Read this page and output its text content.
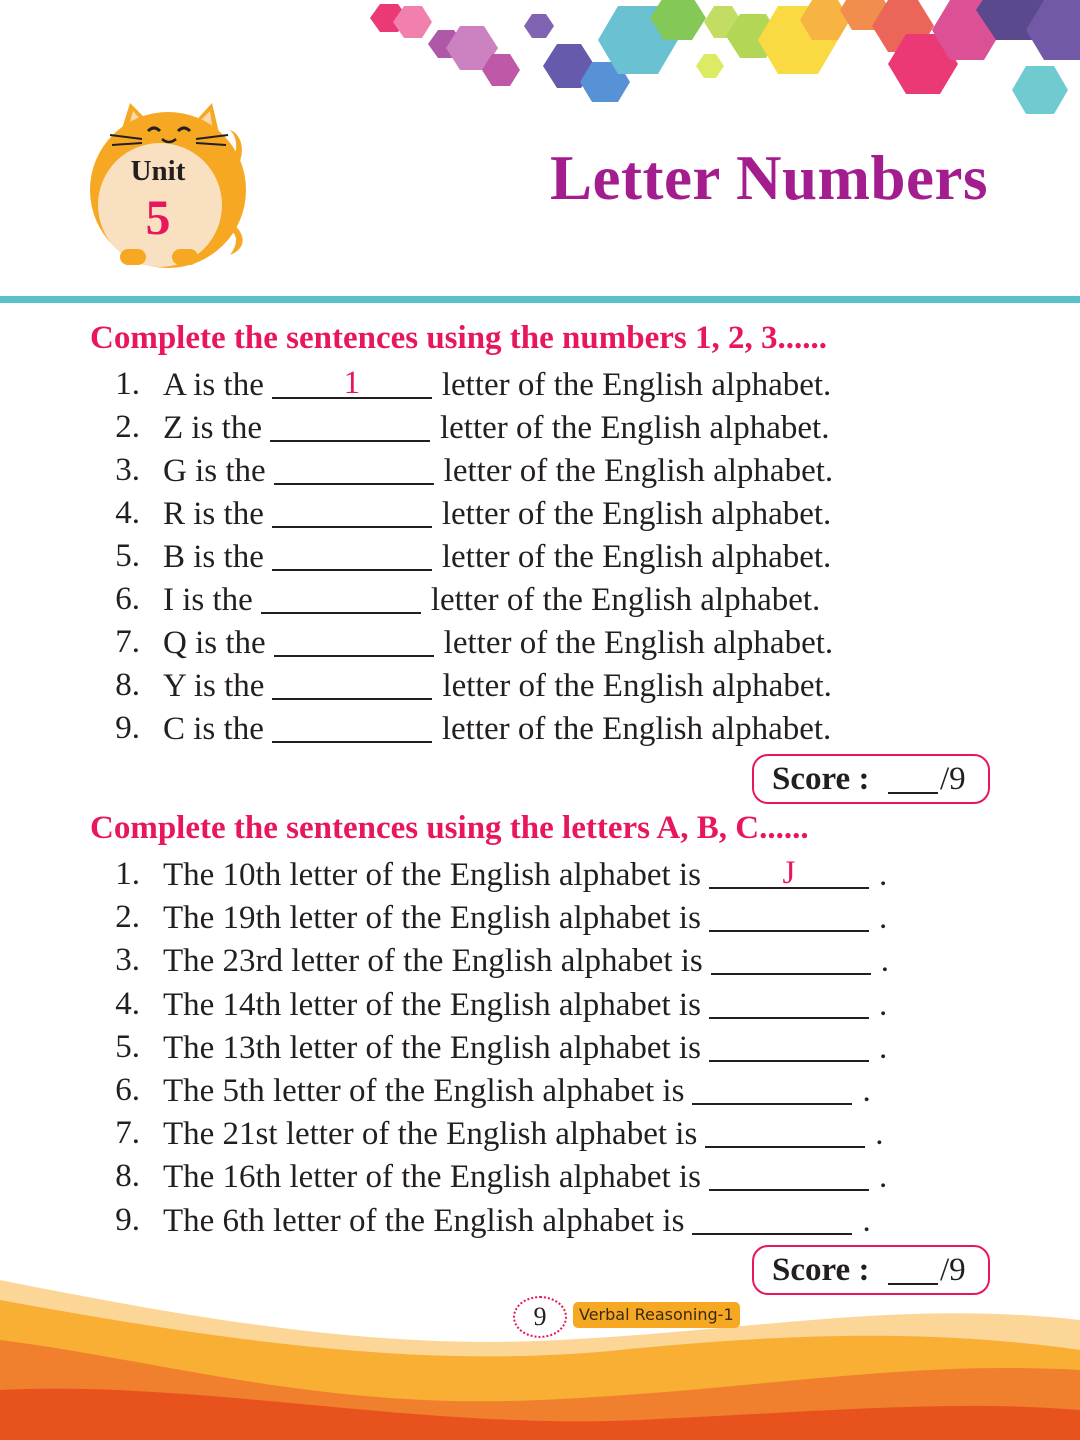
Unit
5
Letter Numbers
Complete the sentences using the numbers 1, 2, 3......
1. A is the	1	letter of the English alphabet.
2. Z is the	letter of the English alphabet.
3. G is the	letter of the English alphabet.
4. R is the	letter of the English alphabet.
5. B is the	letter of the English alphabet.
6. I is the	letter of the English alphabet.
7. Q is the	letter of the English alphabet.
8. Y is the	letter of the English alphabet.
9. C is the	letter of the English alphabet.
Score : /9
Complete the sentences using the letters A, B, C......
1. The 10th letter of the English alphabet is	J	.
2. The 19th letter of the English alphabet is	.
3. The 23rd letter of the English alphabet is	.
4. The 14th letter of the English alphabet is	.
5. The 13th letter of the English alphabet is	.
6. The 5th letter of the English alphabet is	.
7. The 21st letter of the English alphabet is	.
8. The 16th letter of the English alphabet is	.
9. The 6th letter of the English alphabet is	.
Score : /9
9	Verbal Reasoning-1
